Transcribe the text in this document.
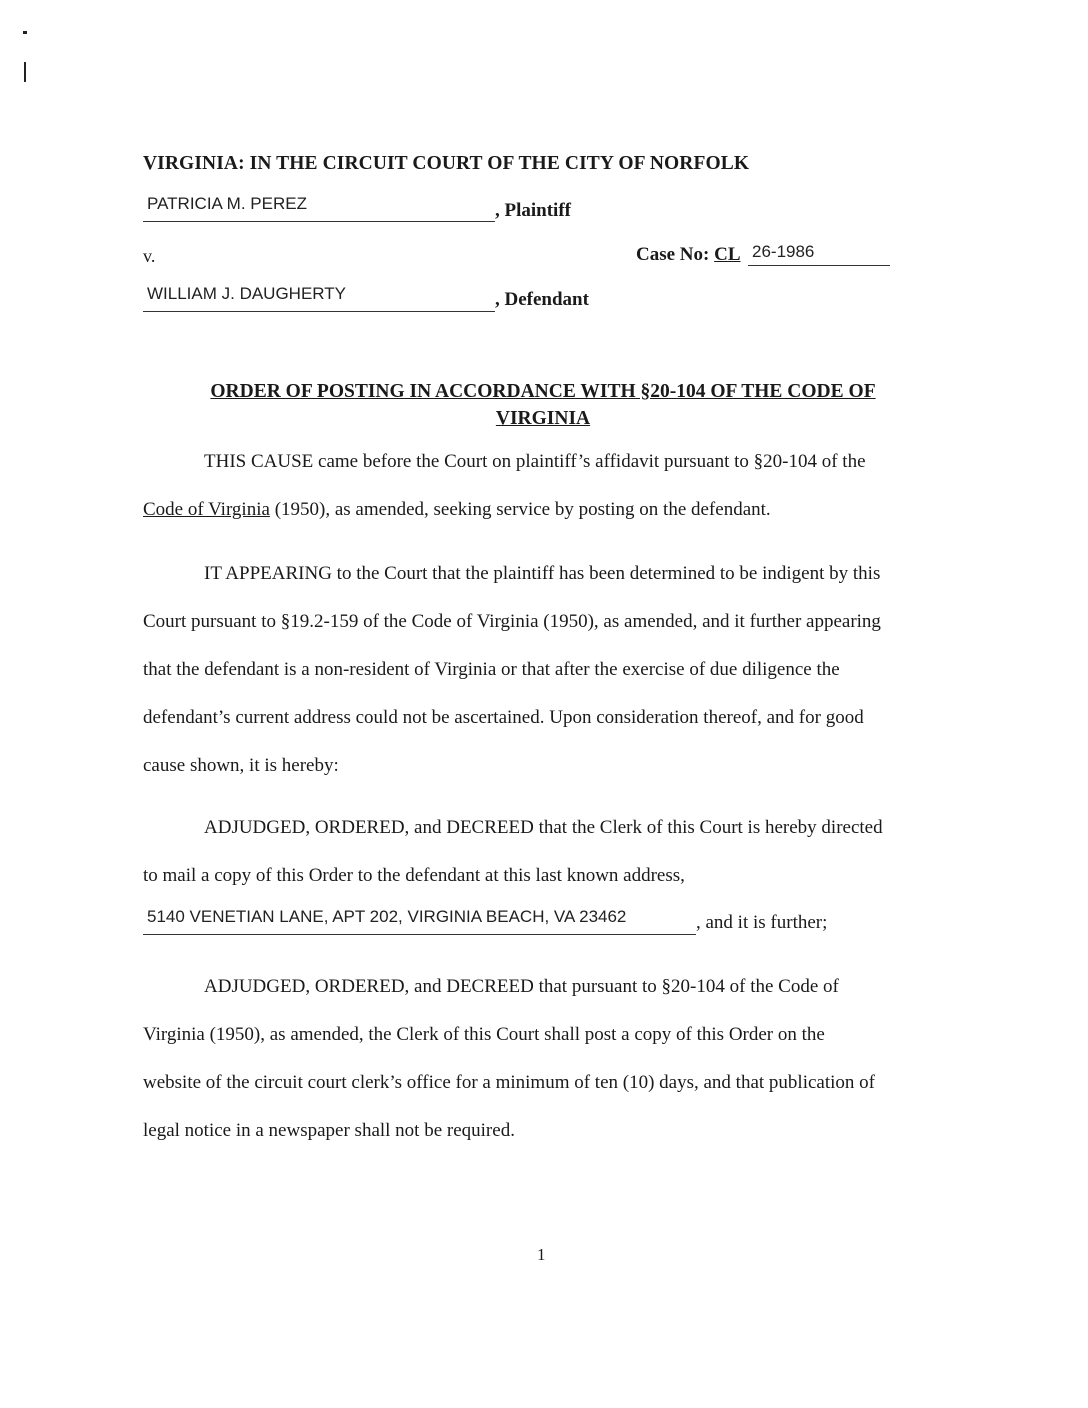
VIRGINIA: IN THE CIRCUIT COURT OF THE CITY OF NORFOLK
PATRICIA M. PEREZ	, Plaintiff
v.	Case No: CL 26-1986
WILLIAM J. DAUGHERTY	, Defendant
ORDER OF POSTING IN ACCORDANCE WITH §20-104 OF THE CODE OF
VIRGINIA
THIS CAUSE came before the Court on plaintiff’s affidavit pursuant to §20-104 of the
Code of Virginia (1950), as amended, seeking service by posting on the defendant.
IT APPEARING to the Court that the plaintiff has been determined to be indigent by this
Court pursuant to §19.2-159 of the Code of Virginia (1950), as amended, and it further appearing
that the defendant is a non-resident of Virginia or that after the exercise of due diligence the
defendant’s current address could not be ascertained. Upon consideration thereof, and for good
cause shown, it is hereby:
ADJUDGED, ORDERED, and DECREED that the Clerk of this Court is hereby directed
to mail a copy of this Order to the defendant at this last known address,
5140 VENETIAN LANE, APT 202, VIRGINIA BEACH, VA 23462	, and it is further;
ADJUDGED, ORDERED, and DECREED that pursuant to §20-104 of the Code of
Virginia (1950), as amended, the Clerk of this Court shall post a copy of this Order on the
website of the circuit court clerk’s office for a minimum of ten (10) days, and that publication of
legal notice in a newspaper shall not be required.
1
